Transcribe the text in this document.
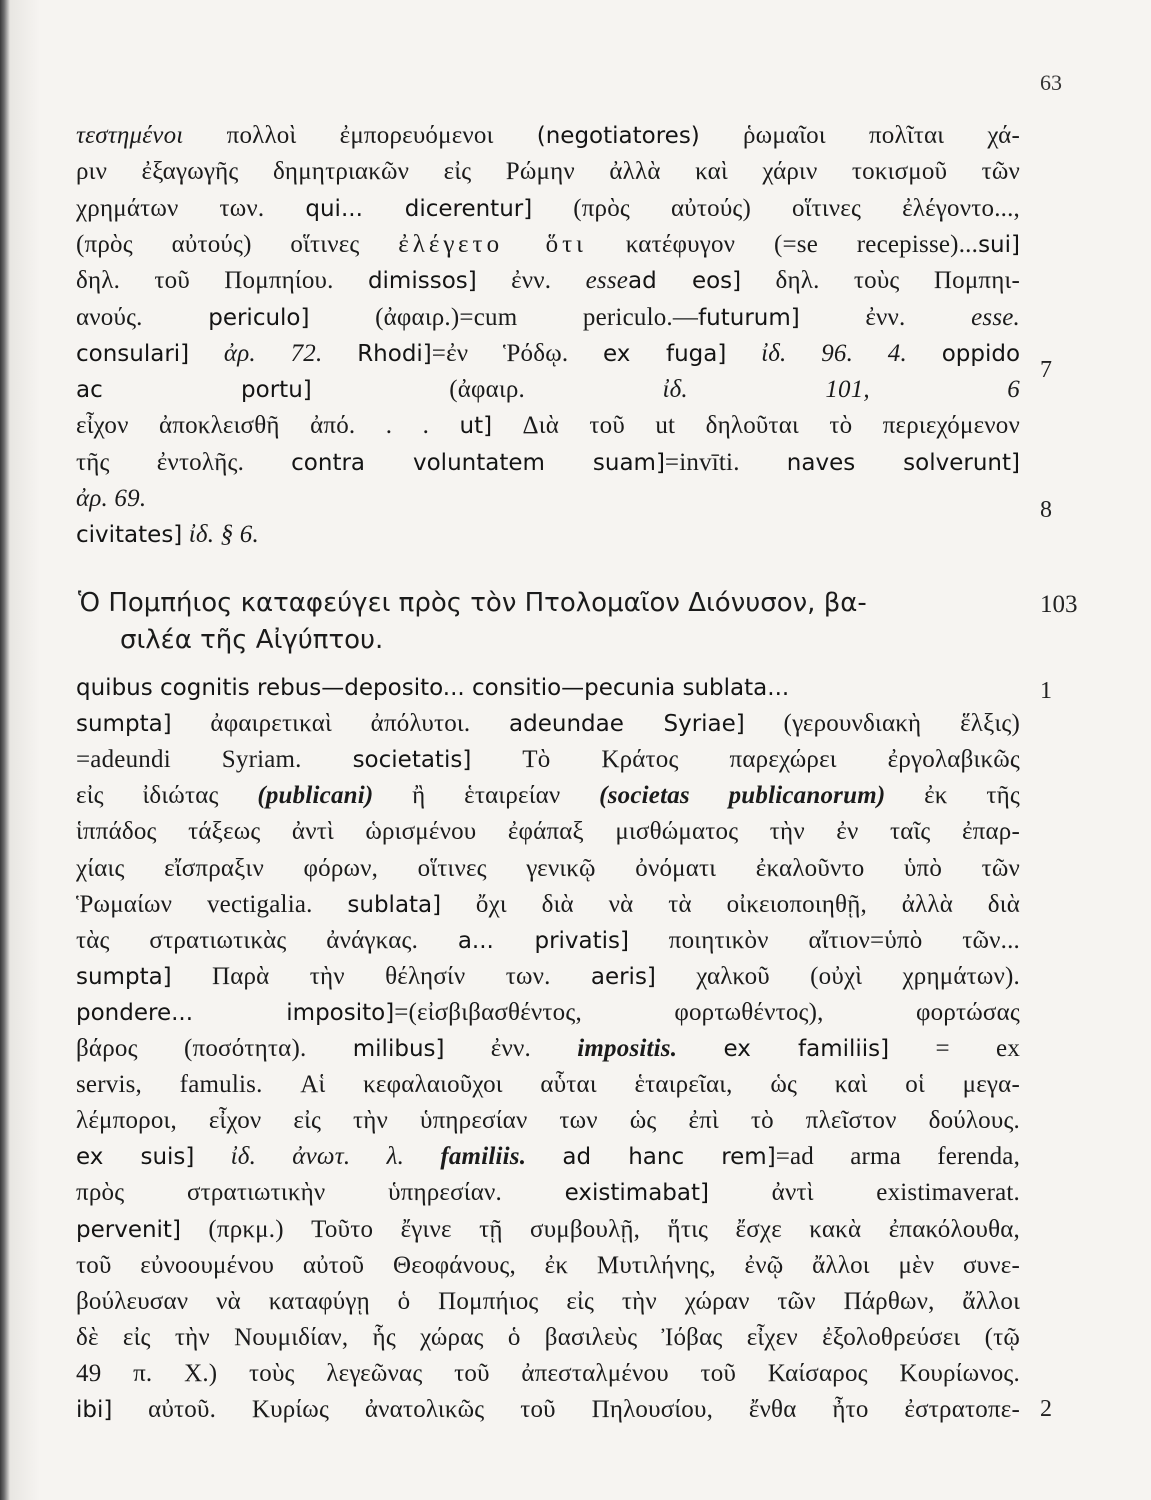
63
τεστημένοι πολλοὶ ἐμπορευόμενοι (negotiatores) ῥωμαῖοι πολῖται χά-
ριν ἐξαγωγῆς δημητριακῶν εἰς Ρώμην ἀλλὰ καὶ χάριν τοκισμοῦ τῶν
χρημάτων των. qui... dicerentur] (πρὸς αὐτούς) οἵτινες ἐλέγοντο...,
(πρὸς αὐτούς) οἵτινες ἐλέγετο ὅτι κατέφυγον (=se recepisse)...sui]
δηλ. τοῦ Πομπηίου. dimissos] ἐνν. essead eos] δηλ. τοὺς Πομπηι-
ανούς. periculo] (ἀφαιρ.)=cum periculo.—futurum] ἐνν. esse.
consulari] ἀρ. 72. Rhodi]=ἐν Ῥόδῳ. ex fuga] ἰδ. 96. 4. oppido
ac portu] (ἀφαιρ. ἰδ. 101, 6
εἶχον ἀποκλεισθῆ ἀπό. . . ut] Διὰ τοῦ ut δηλοῦται τὸ περιεχόμενον
τῆς ἐντολῆς. contra voluntatem suam]=invīti. naves solverunt]
ἀρ. 69.
civitates] ἰδ. § 6.
7
8
Ὁ Πομπήιος καταφεύγει πρὸς τὸν Πτολομαῖον Διόνυσον, βα-
σιλέα τῆς Αἰγύπτου.
103
quibus cognitis rebus—deposito... consitio—pecunia sublata...
sumpta] ἀφαιρετικαὶ ἀπόλυτοι. adeundae Syriae] (γερουνδιακὴ ἕλξις)
=adeundi Syriam. societatis] Τὸ Κράτος παρεχώρει ἐργολαβικῶς
εἰς ἰδιώτας (publicani) ἢ ἑταιρείαν (societas publicanorum) ἐκ τῆς
ἱππάδος τάξεως ἀντὶ ὡρισμένου ἐφάπαξ μισθώματος τὴν ἐν ταῖς ἐπαρ-
χίαις εἴσπραξιν φόρων, οἵτινες γενικῷ ὀνόματι ἐκαλοῦντο ὑπὸ τῶν
Ῥωμαίων vectigalia. sublata] ὄχι διὰ νὰ τὰ οἰκειοποιηθῇ, ἀλλὰ διὰ
τὰς στρατιωτικὰς ἀνάγκας. a... privatis] ποιητικὸν αἴτιον=ὑπὸ τῶν...
sumpta] Παρὰ τὴν θέλησίν των. aeris] χαλκοῦ (οὐχὶ χρημάτων).
pondere... imposito]=(εἰσβιβασθέντος, φορτωθέντος), φορτώσας
βάρος (ποσότητα). milibus] ἐνν. impositis. ex familiis] = ex
servis, famulis. Αἱ κεφαλαιοῦχοι αὗται ἑταιρεῖαι, ὡς καὶ οἱ μεγα-
λέμποροι, εἶχον εἰς τὴν ὑπηρεσίαν των ὡς ἐπὶ τὸ πλεῖστον δούλους.
ex suis] ἰδ. ἀνωτ. λ. familiis. ad hanc rem]=ad arma ferenda,
πρὸς στρατιωτικὴν ὑπηρεσίαν. existimabat] ἀντὶ existimaverat.
pervenit] (πρκμ.) Τοῦτο ἔγινε τῇ συμβουλῇ, ἥτις ἔσχε κακὰ ἐπακόλουθα,
τοῦ εὐνοουμένου αὐτοῦ Θεοφάνους, ἐκ Μυτιλήνης, ἐνῷ ἄλλοι μὲν συνε-
βούλευσαν νὰ καταφύγῃ ὁ Πομπήιος εἰς τὴν χώραν τῶν Πάρθων, ἄλλοι
δὲ εἰς τὴν Νουμιδίαν, ἧς χώρας ὁ βασιλεὺς Ἰόβας εἶχεν ἐξολοθρεύσει (τῷ
49 π. Χ.) τοὺς λεγεῶνας τοῦ ἀπεσταλμένου τοῦ Καίσαρος Κουρίωνος.
ibi] αὐτοῦ. Κυρίως ἀνατολικῶς τοῦ Πηλουσίου, ἔνθα ἦτο ἐστρατοπε-
1
2
